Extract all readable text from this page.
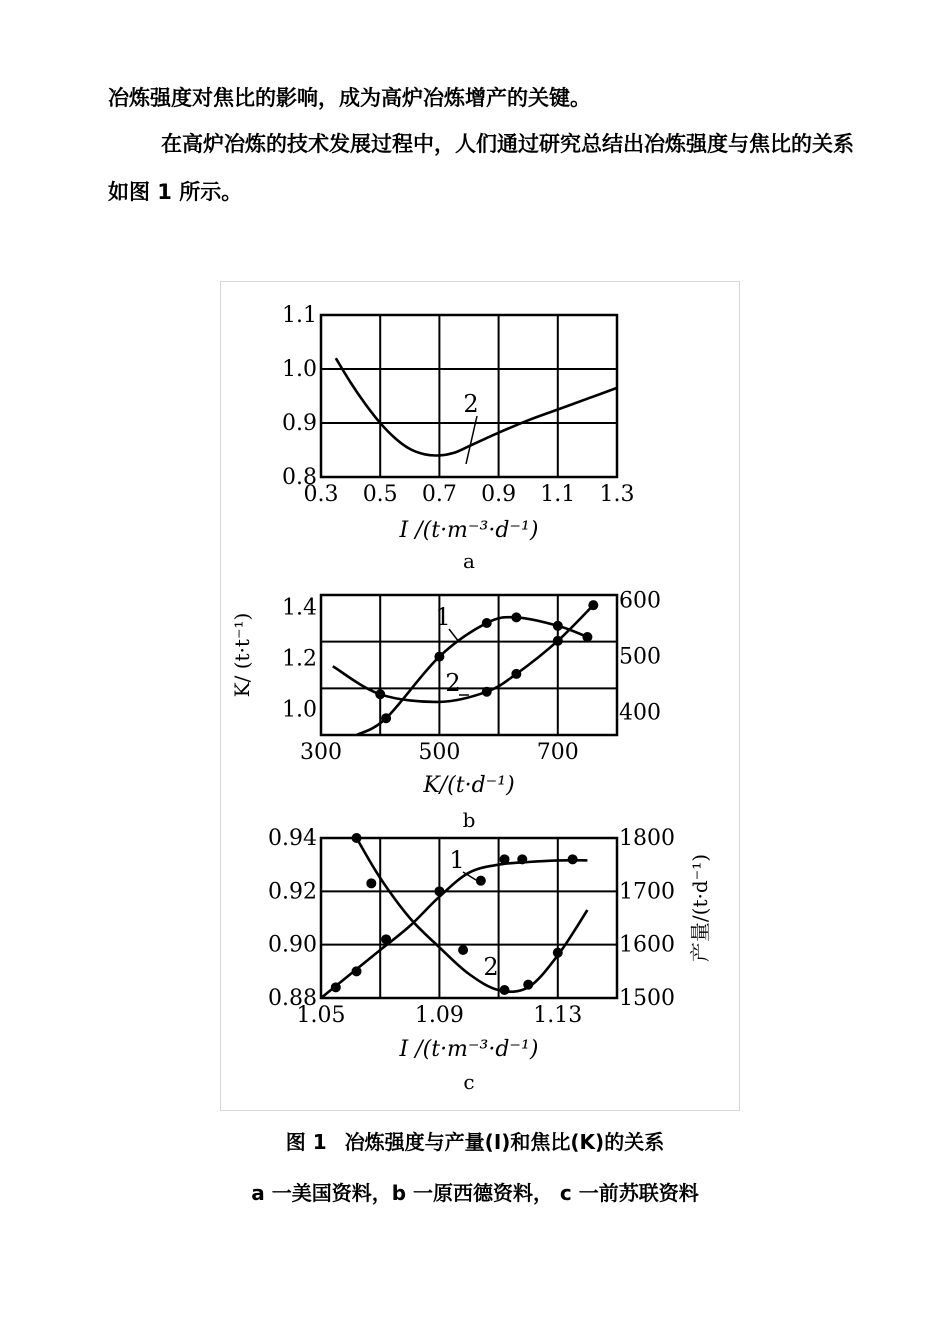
冶炼强度对焦比的影响，成为高炉冶炼增产的关键。

在高炉冶炼的技术发展过程中，人们通过研究总结出冶炼强度与焦比的关系如图 1 所示。

0.3 0.5 0.7 0.9 1.1 1.3
0.8
0.9
1.0
1.1
I /(t·m⁻³·d⁻¹)
a
2
300	500	700
1.0
1.2
1.4
400
500
600
K/(t·d⁻¹)
K/ (t·t⁻¹)
b
1
2
1.05	1.09	1.13
0.88
0.90
0.92
0.94
1500
1600
1700
1800
I /(t·m⁻³·d⁻¹)
产量/(t·d⁻¹)
c
1
2

图 1 冶炼强度与产量(I)和焦比(K)的关系

a 一美国资料，b 一原西德资料， c 一前苏联资料
